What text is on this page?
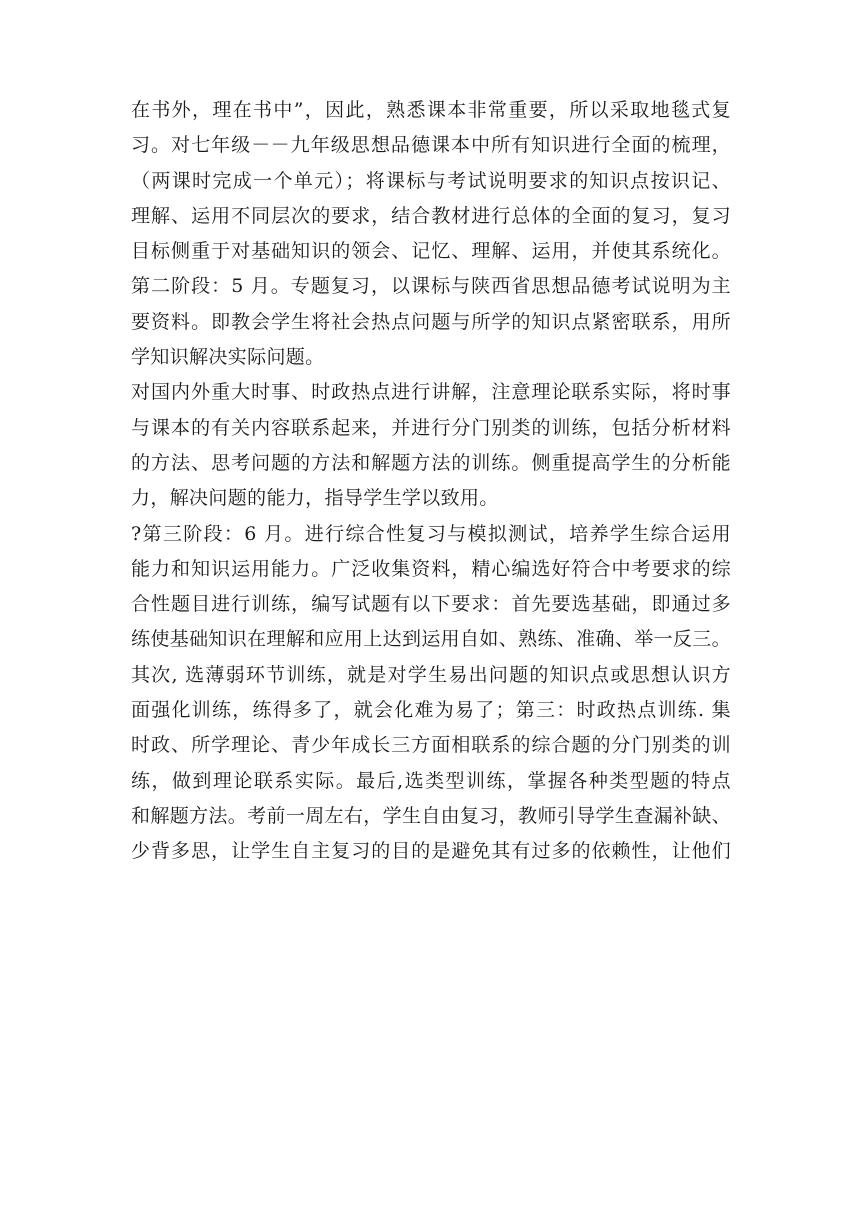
在书外，理在书中”，因此，熟悉课本非常重要，所以采取地毯式复
习。对七年级－－九年级思想品德课本中所有知识进行全面的梳理，
（两课时完成一个单元）；将课标与考试说明要求的知识点按识记、
理解、运用不同层次的要求，结合教材进行总体的全面的复习，复习
目标侧重于对基础知识的领会、记忆、理解、运用，并使其系统化。
第二阶段：5 月。专题复习，以课标与陕西省思想品德考试说明为主
要资料。即教会学生将社会热点问题与所学的知识点紧密联系，用所
学知识解决实际问题。
对国内外重大时事、时政热点进行讲解，注意理论联系实际，将时事
与课本的有关内容联系起来，并进行分门别类的训练，包括分析材料
的方法、思考问题的方法和解题方法的训练。侧重提高学生的分析能
力，解决问题的能力，指导学生学以致用。
?第三阶段：6 月。进行综合性复习与模拟测试，培养学生综合运用
能力和知识运用能力。广泛收集资料，精心编选好符合中考要求的综
合性题目进行训练，编写试题有以下要求：首先要选基础，即通过多
练使基础知识在理解和应用上达到运用自如、熟练、准确、举一反三。
其次, 选薄弱环节训练，就是对学生易出问题的知识点或思想认识方
面强化训练，练得多了，就会化难为易了；第三：时政热点训练. 集
时政、所学理论、青少年成长三方面相联系的综合题的分门别类的训
练，做到理论联系实际。最后,选类型训练，掌握各种类型题的特点
和解题方法。考前一周左右，学生自由复习，教师引导学生查漏补缺、
少背多思，让学生自主复习的目的是避免其有过多的依赖性，让他们
